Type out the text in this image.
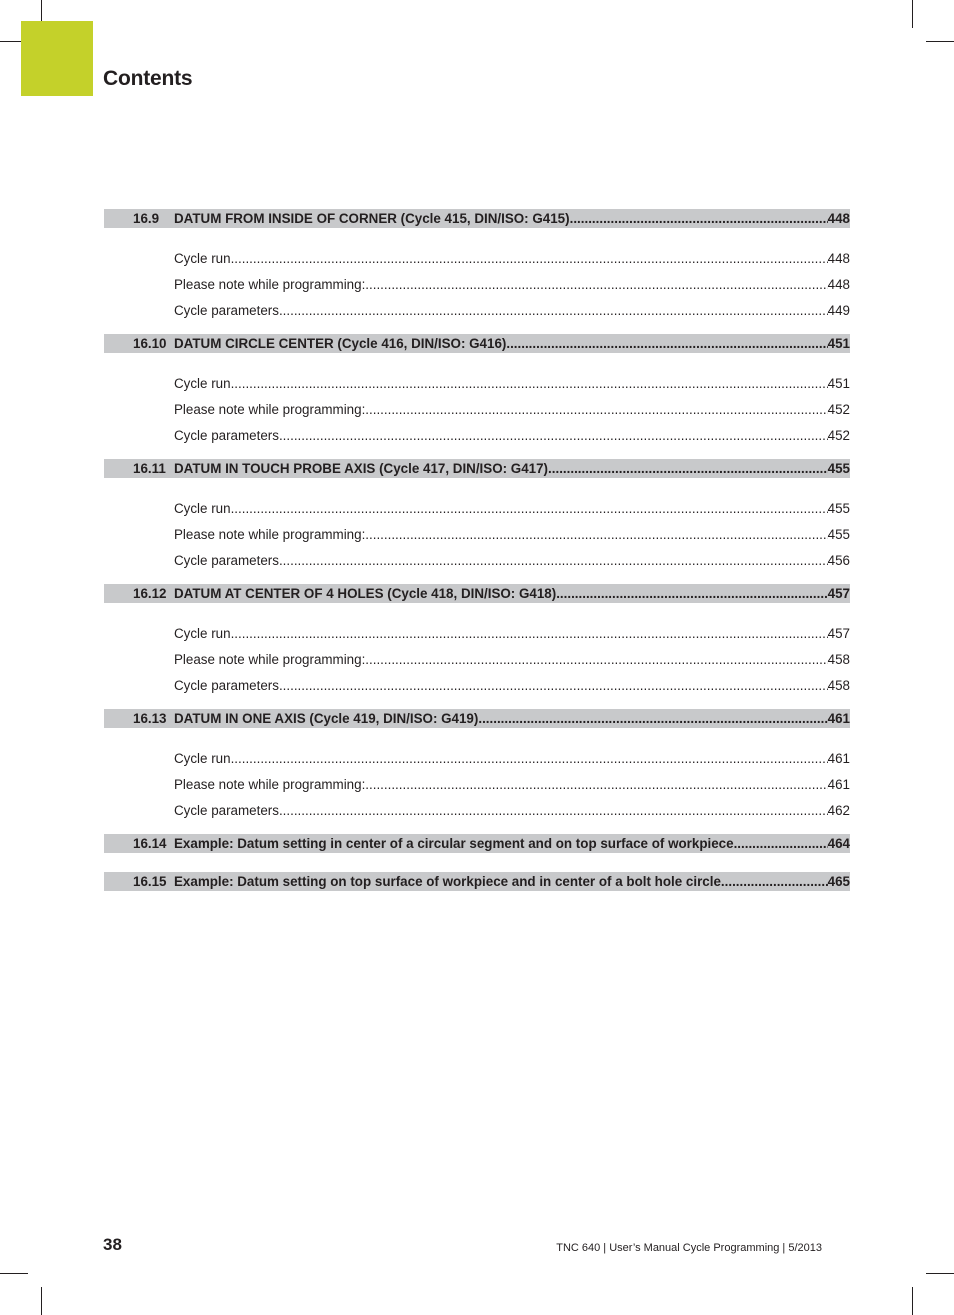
Contents
16.9	DATUM FROM INSIDE OF CORNER (Cycle 415, DIN/ISO: G415) .....	448
Cycle run .....	448
Please note while programming: .....	448
Cycle parameters .....	449
16.10 DATUM CIRCLE CENTER (Cycle 416, DIN/ISO: G416) .....	451
Cycle run .....	451
Please note while programming: .....	452
Cycle parameters .....	452
16.11 DATUM IN TOUCH PROBE AXIS (Cycle 417, DIN/ISO: G417) .....	455
Cycle run .....	455
Please note while programming: .....	455
Cycle parameters .....	456
16.12 DATUM AT CENTER OF 4 HOLES (Cycle 418, DIN/ISO: G418) .....	457
Cycle run .....	457
Please note while programming: .....	458
Cycle parameters .....	458
16.13 DATUM IN ONE AXIS (Cycle 419, DIN/ISO: G419) .....	461
Cycle run .....	461
Please note while programming: .....	461
Cycle parameters .....	462
16.14 Example: Datum setting in center of a circular segment and on top surface of workpiece .....	464
16.15 Example: Datum setting on top surface of workpiece and in center of a bolt hole circle .....	465
38	TNC 640 | User’s Manual Cycle Programming | 5/2013
